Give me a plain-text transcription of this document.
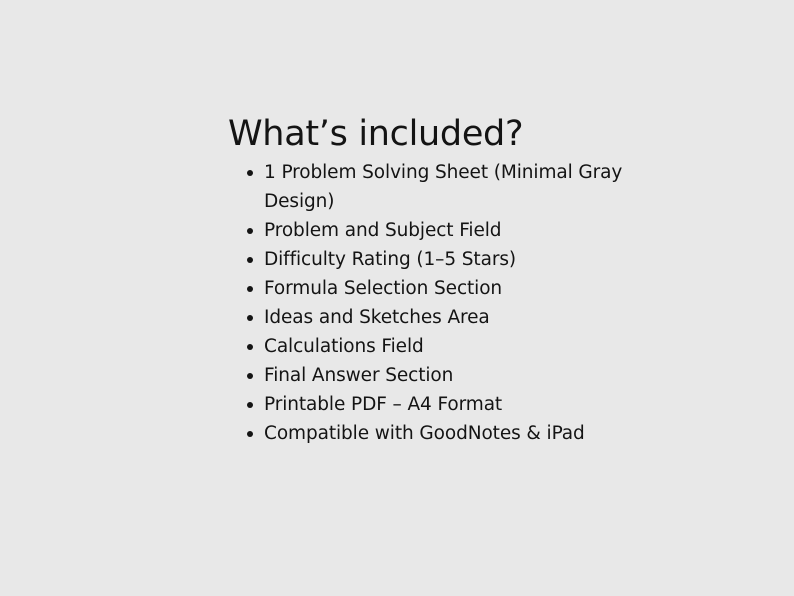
What’s included?
1 Problem Solving Sheet (Minimal Gray Design)
Problem and Subject Field
Difficulty Rating (1–5 Stars)
Formula Selection Section
Ideas and Sketches Area
Calculations Field
Final Answer Section
Printable PDF – A4 Format
Compatible with GoodNotes & iPad
